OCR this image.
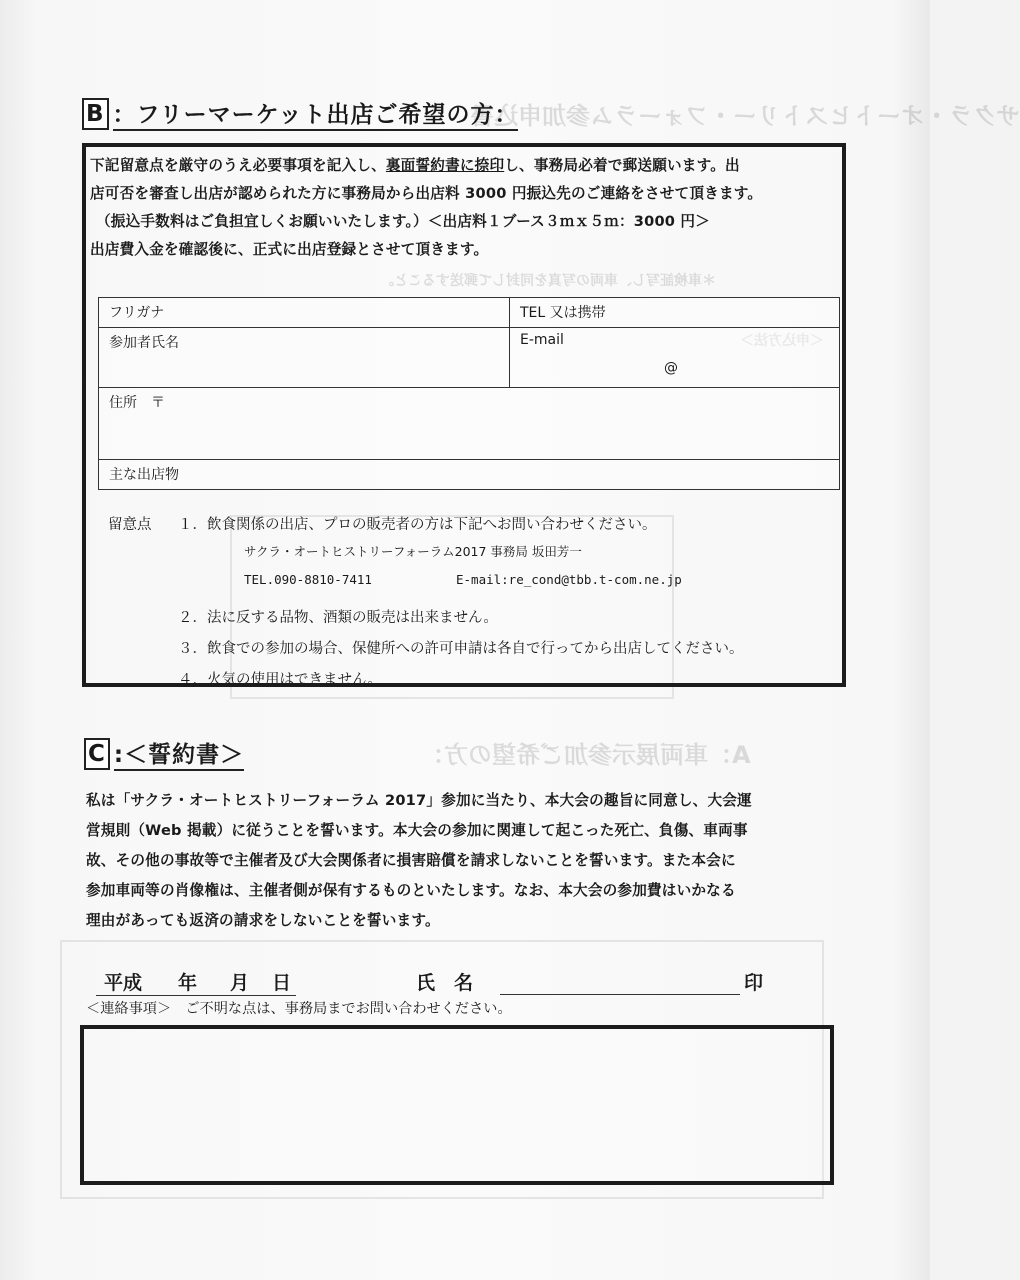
サクラ・オートヒストリー・フォーラム参加申込書
＊車検証写し、車両の写真を同封して郵送すること。
＜申込方法＞
A：車両展示参加ご希望の方：
B ：フリーマーケット出店ご希望の方：

下記留意点を厳守のうえ必要事項を記入し、裏面誓約書に捺印し、事務局必着で郵送願います。出

店可否を審査し出店が認められた方に事務局から出店料 3000 円振込先のご連絡をさせて頂きます。

（振込手数料はご負担宜しくお願いいたします。）＜出店料１ブース３ｍｘ５ｍ：3000 円＞

出店費入金を確認後に、正式に出店登録とさせて頂きます。

フリガナ	TEL 又は携帯
参加者氏名	E-mail
@

住所　〒	
主な出店物	
留意点	１．飲食関係の出店、プロの販売者の方は下記へお問い合わせください。
２．法に反する品物、酒類の販売は出来ません。
３．飲食での参加の場合、保健所への許可申請は各自で行ってから出店してください。
４．火気の使用はできません。
サクラ・オートヒストリーフォーラム2017 事務局 坂田芳一
TEL.090-8810-7411	E-mail:re_cond@tbb.t-com.ne.jp
C :＜誓約書＞

私は「サクラ・オートヒストリーフォーラム 2017」参加に当たり、本大会の趣旨に同意し、大会運

営規則（Web 掲載）に従うことを誓います。本大会の参加に関連して起こった死亡、負傷、車両事

故、その他の事故等で主催者及び大会関係者に損害賠償を請求しないことを誓います。また本会に

参加車両等の肖像権は、主催者側が保有するものといたします。なお、本大会の参加費はいかなる

理由があっても返済の請求をしないことを誓います。

平成 年 月 日	氏　名	印
＜連絡事項＞　ご不明な点は、事務局までお問い合わせください。
